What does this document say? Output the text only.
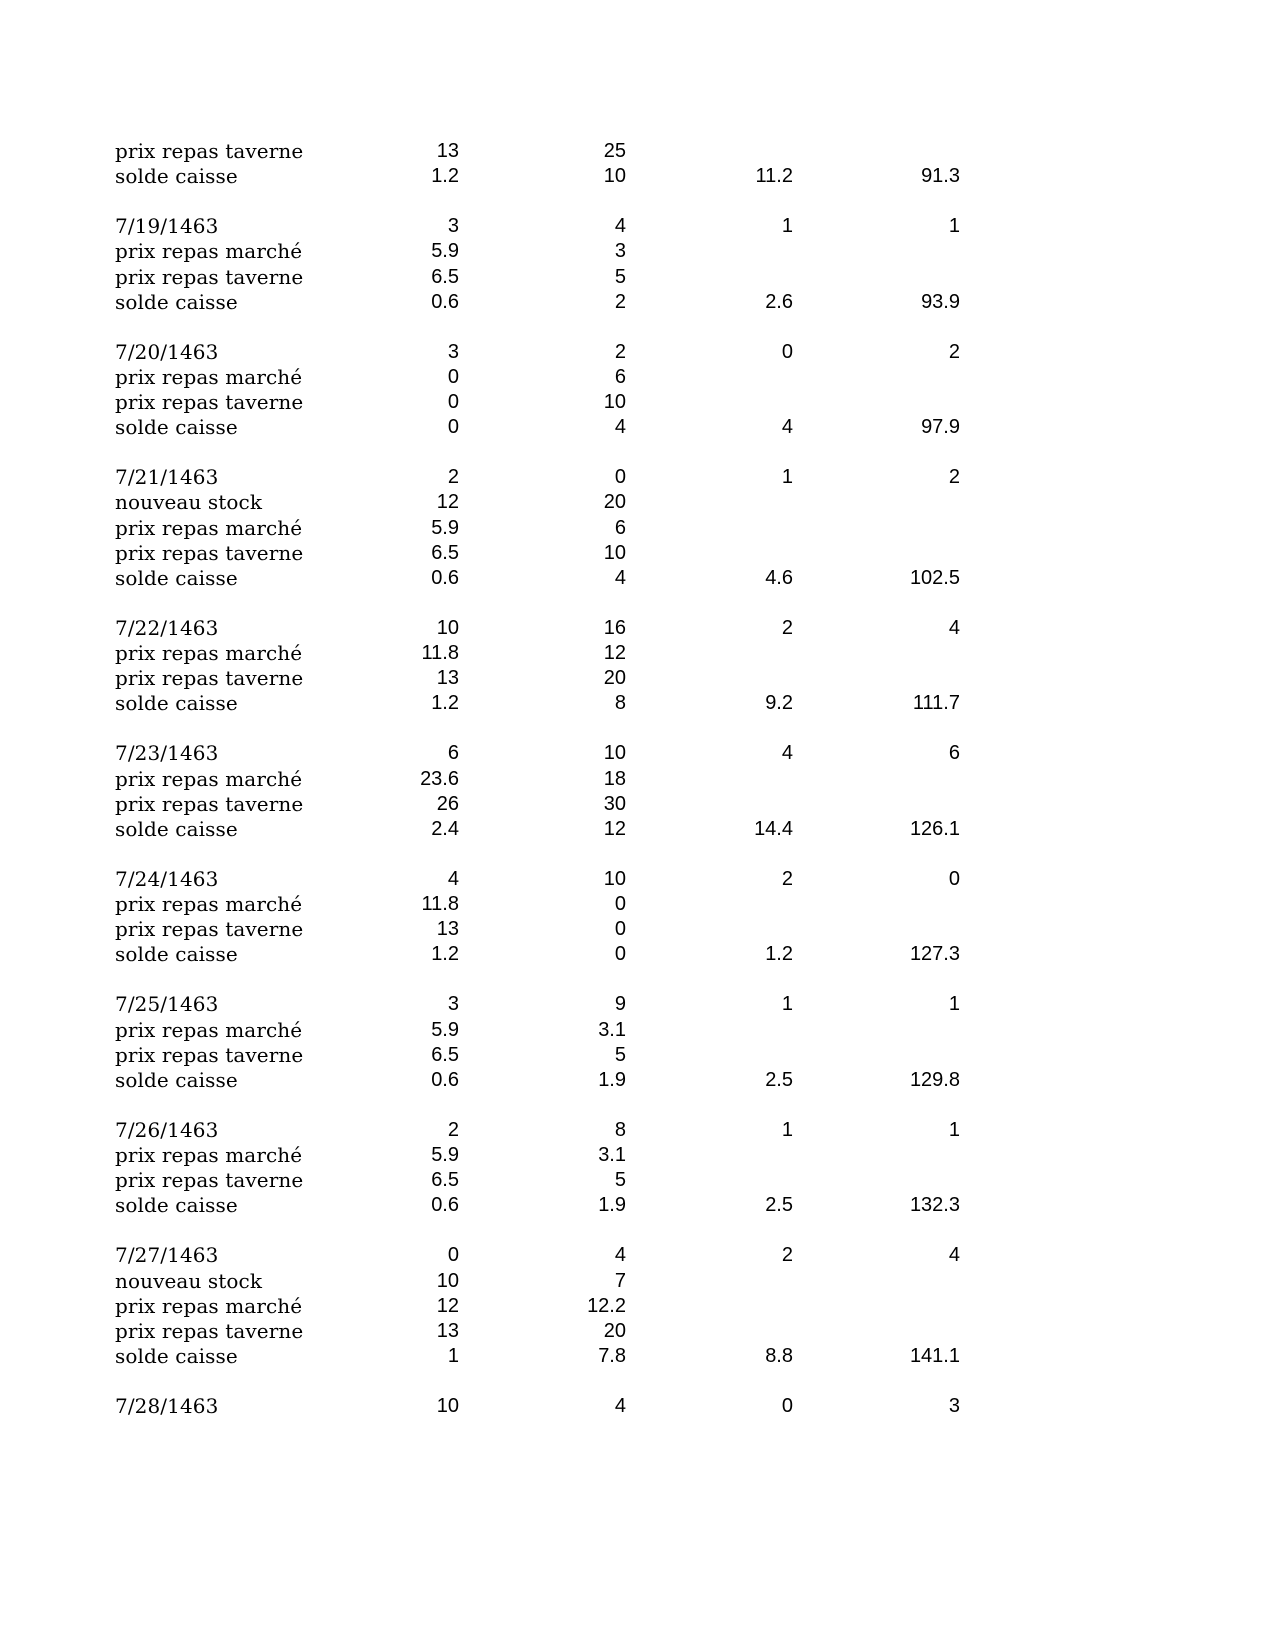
prix repas taverne	13	25
solde caisse	1.2	10	11.2	91.3
7/19/1463	3	4	1	1
prix repas marché	5.9	3
prix repas taverne	6.5	5
solde caisse	0.6	2	2.6	93.9
7/20/1463	3	2	0	2
prix repas marché	0	6
prix repas taverne	0	10
solde caisse	0	4	4	97.9
7/21/1463	2	0	1	2
nouveau stock	12	20
prix repas marché	5.9	6
prix repas taverne	6.5	10
solde caisse	0.6	4	4.6	102.5
7/22/1463	10	16	2	4
prix repas marché	11.8	12
prix repas taverne	13	20
solde caisse	1.2	8	9.2	111.7
7/23/1463	6	10	4	6
prix repas marché	23.6	18
prix repas taverne	26	30
solde caisse	2.4	12	14.4	126.1
7/24/1463	4	10	2	0
prix repas marché	11.8	0
prix repas taverne	13	0
solde caisse	1.2	0	1.2	127.3
7/25/1463	3	9	1	1
prix repas marché	5.9	3.1
prix repas taverne	6.5	5
solde caisse	0.6	1.9	2.5	129.8
7/26/1463	2	8	1	1
prix repas marché	5.9	3.1
prix repas taverne	6.5	5
solde caisse	0.6	1.9	2.5	132.3
7/27/1463	0	4	2	4
nouveau stock	10	7
prix repas marché	12	12.2
prix repas taverne	13	20
solde caisse	1	7.8	8.8	141.1
7/28/1463	10	4	0	3
